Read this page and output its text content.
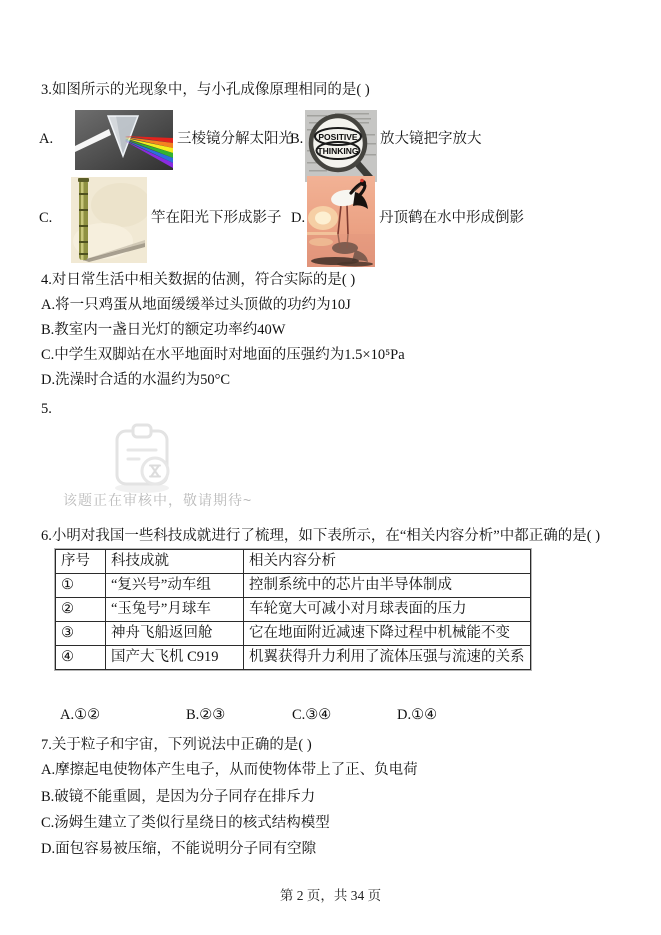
3.如图所示的光现象中，与小孔成像原理相同的是( )
A.	三棱镜分解太阳光
B. POSITIVE
THINKING
放大镜把字放大
C.	竿在阳光下形成影子 D.	丹顶鹤在水中形成倒影
4.对日常生活中相关数据的估测，符合实际的是( )
A.将一只鸡蛋从地面缓缓举过头顶做的功约为10J
B.教室内一盏日光灯的额定功率约40W
C.中学生双脚站在水平地面时对地面的压强约为1.5×10⁵Pa
D.洗澡时合适的水温约为50°C
5.
该题正在审核中，敬请期待~
6.小明对我国一些科技成就进行了梳理，如下表所示，在“相关内容分析”中都正确的是( )
序号	科技成就	相关内容分析
①	“复兴号”动车组	控制系统中的芯片由半导体制成
②	“玉兔号”月球车	车轮宽大可减小对月球表面的压力
③	神舟飞船返回舱	它在地面附近减速下降过程中机械能不变
④	国产大飞机 C919	机翼获得升力利用了流体压强与流速的关系
A.①②	B.②③	C.③④	D.①④
7.关于粒子和宇宙，下列说法中正确的是( )
A.摩擦起电使物体产生电子，从而使物体带上了正、负电荷
B.破镜不能重圆，是因为分子同存在排斥力
C.汤姆生建立了类似行星绕日的核式结构模型
D.面包容易被压缩，不能说明分子同有空隙
第 2 页，共 34 页
